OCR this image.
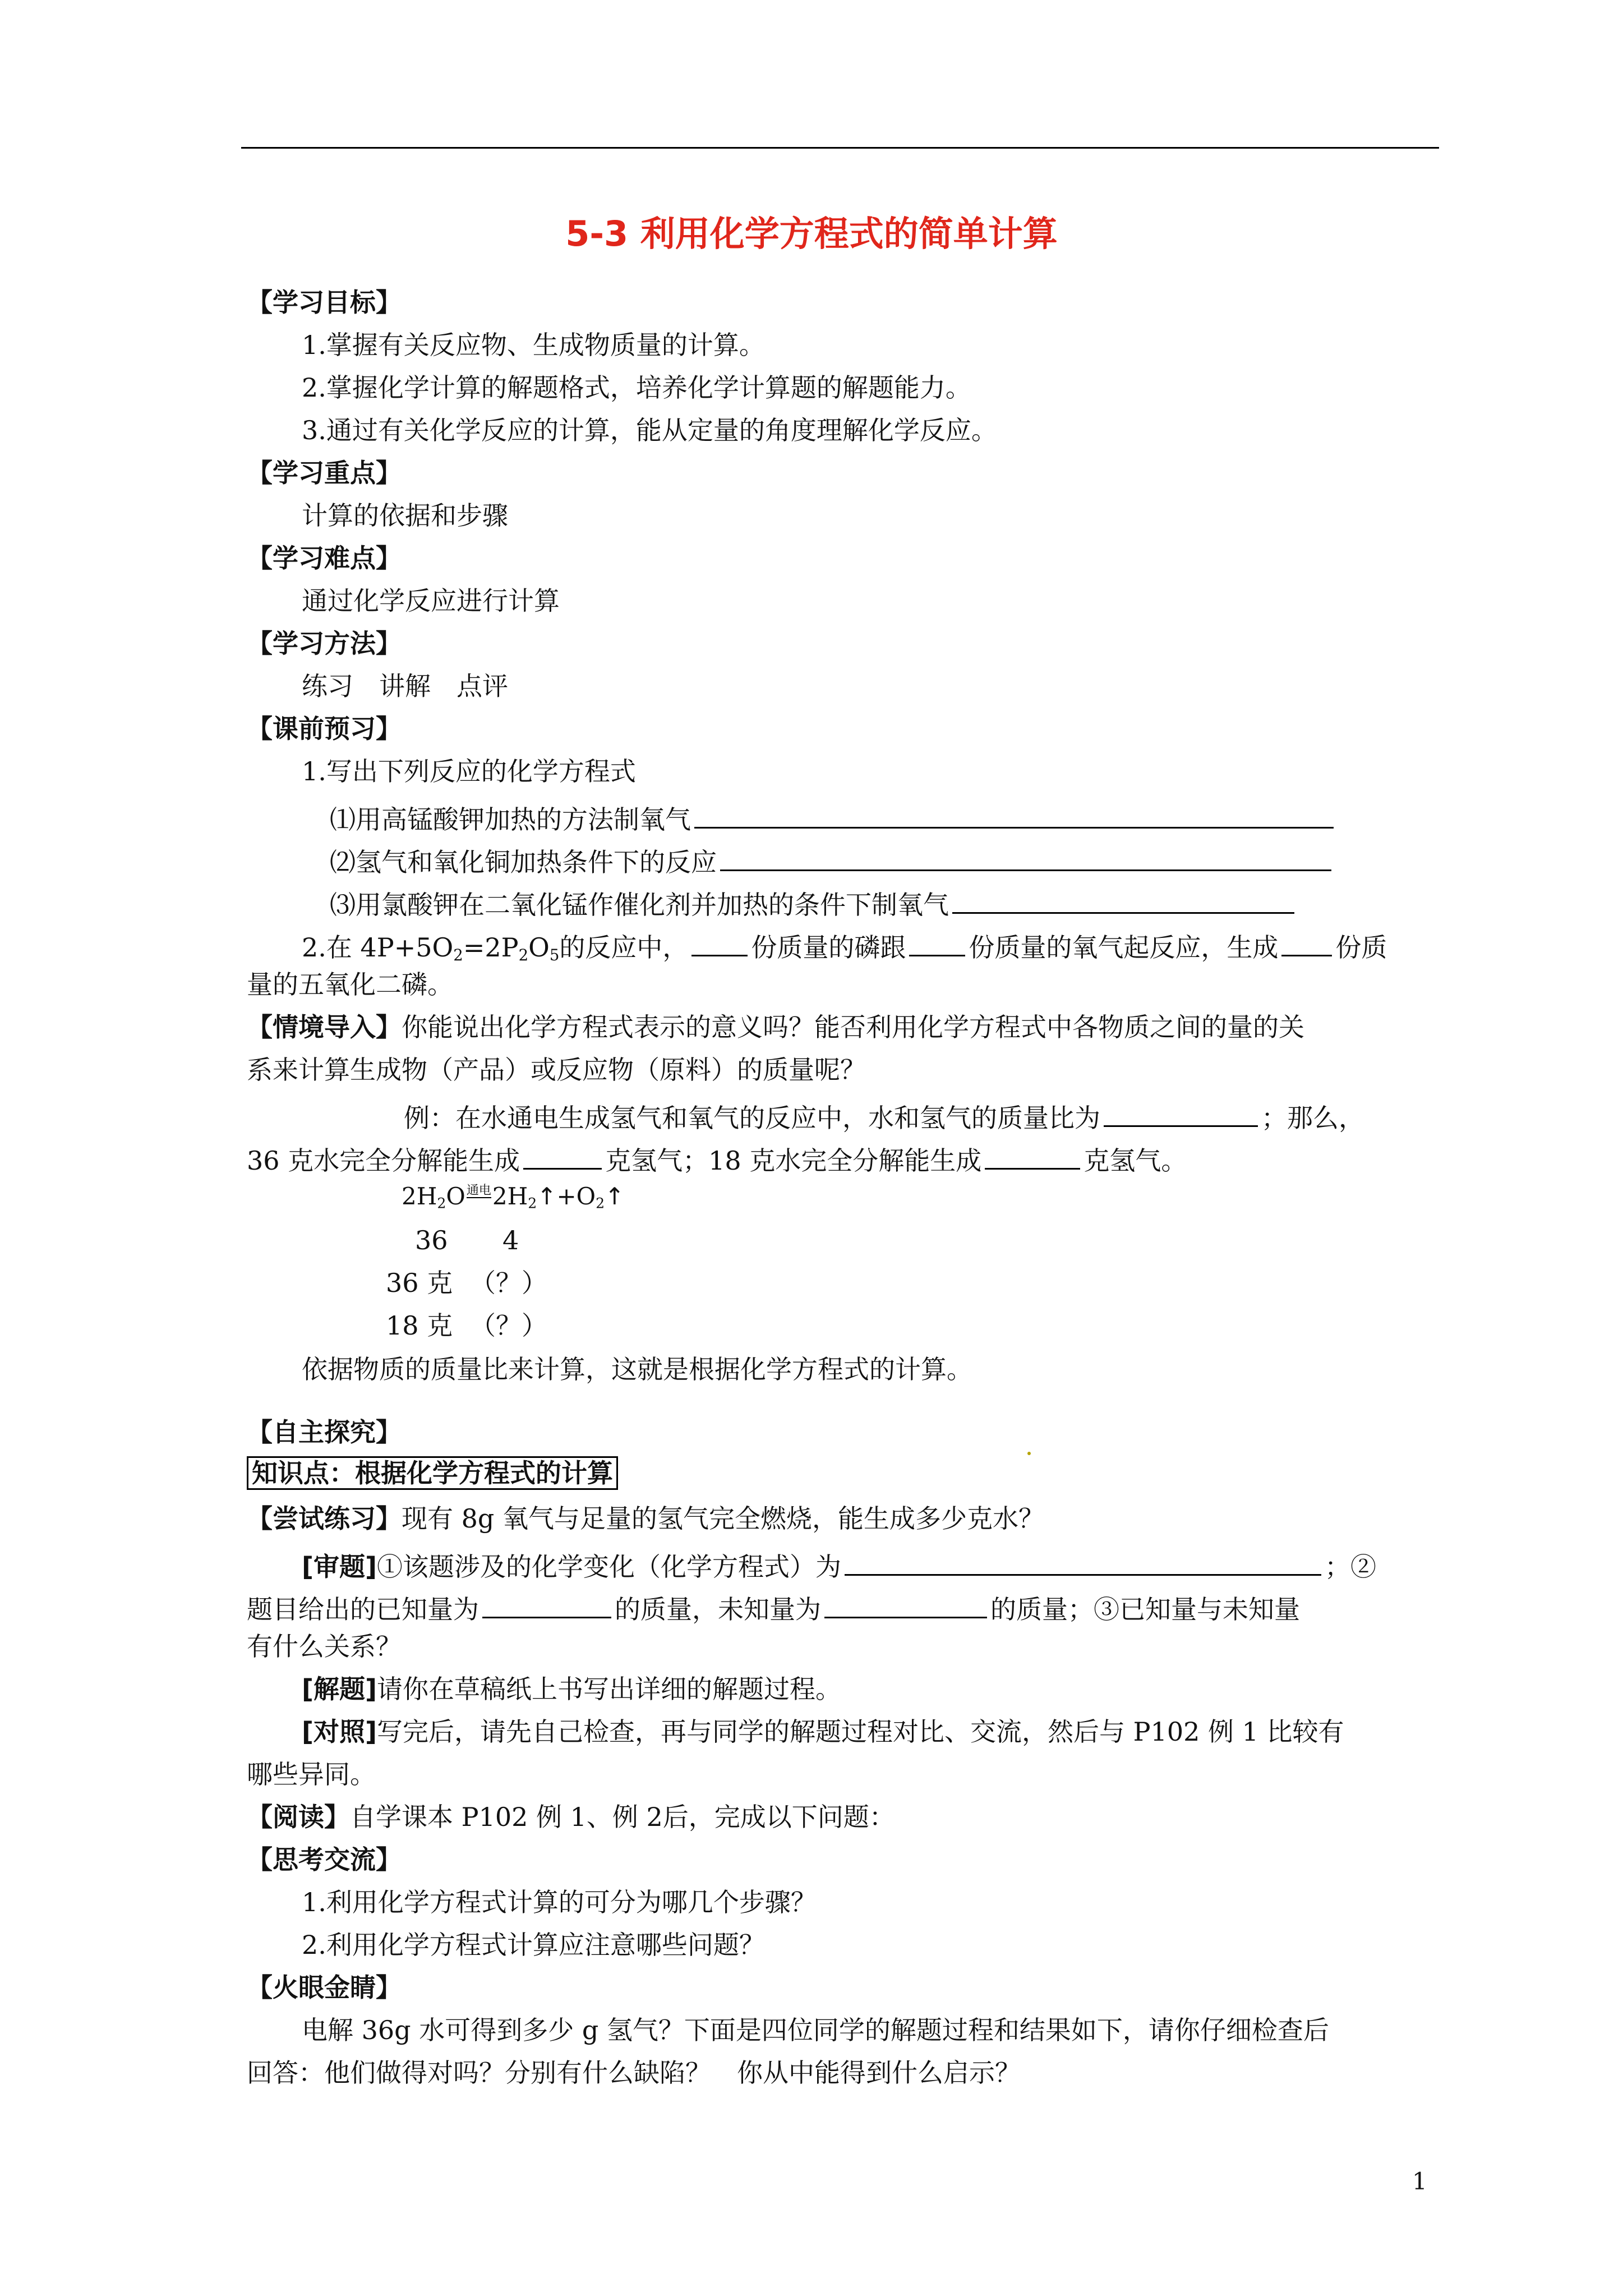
5-3 利用化学方程式的简单计算
【学习目标】
1.掌握有关反应物、生成物质量的计算。
2.掌握化学计算的解题格式，培养化学计算题的解题能力。
3.通过有关化学反应的计算，能从定量的角度理解化学反应。
【学习重点】
计算的依据和步骤
【学习难点】
通过化学反应进行计算
【学习方法】
练习　讲解　点评
【课前预习】
1.写出下列反应的化学方程式
⑴用高锰酸钾加热的方法制氧气
⑵氢气和氧化铜加热条件下的反应
⑶用氯酸钾在二氧化锰作催化剂并加热的条件下制氧气
2.在 $4P+5O_2=2P_2O_5$的反应中， 份质量的磷跟 份质量的氧气起反应，生成 份质
量的五氧化二磷。
【情境导入】你能说出化学方程式表示的意义吗？能否利用化学方程式中各物质之间的量的关
系来计算生成物（产品）或反应物（原料）的质量呢？
例：在水通电生成氢气和氧气的反应中，水和氢气的质量比为	；那么，
36 克水完全分解能生成	克氢气；18 克水完全分解能生成	克氢气。
$2H_2O$通电$2H_2↑+O_2↑$
36 4
36 克 （？）
18 克 （？）
依据物质的质量比来计算，这就是根据化学方程式的计算。
【自主探究】
知识点：根据化学方程式的计算
【尝试练习】现有 8g 氧气与足量的氢气完全燃烧，能生成多少克水？
[审题]①该题涉及的化学变化（化学方程式）为	；②
题目给出的已知量为	的质量，未知量为	的质量；③已知量与未知量
有什么关系？
[解题]请你在草稿纸上书写出详细的解题过程。
[对照]写完后，请先自己检查，再与同学的解题过程对比、交流，然后与 P102 例 1 比较有
哪些异同。
【阅读】自学课本 P102 例 1、例 2后，完成以下问题：
【思考交流】
1.利用化学方程式计算的可分为哪几个步骤？
2.利用化学方程式计算应注意哪些问题？
【火眼金睛】
电解 36g 水可得到多少 g 氢气？下面是四位同学的解题过程和结果如下，请你仔细检查后
回答：他们做得对吗？分别有什么缺陷？　你从中能得到什么启示？
1
